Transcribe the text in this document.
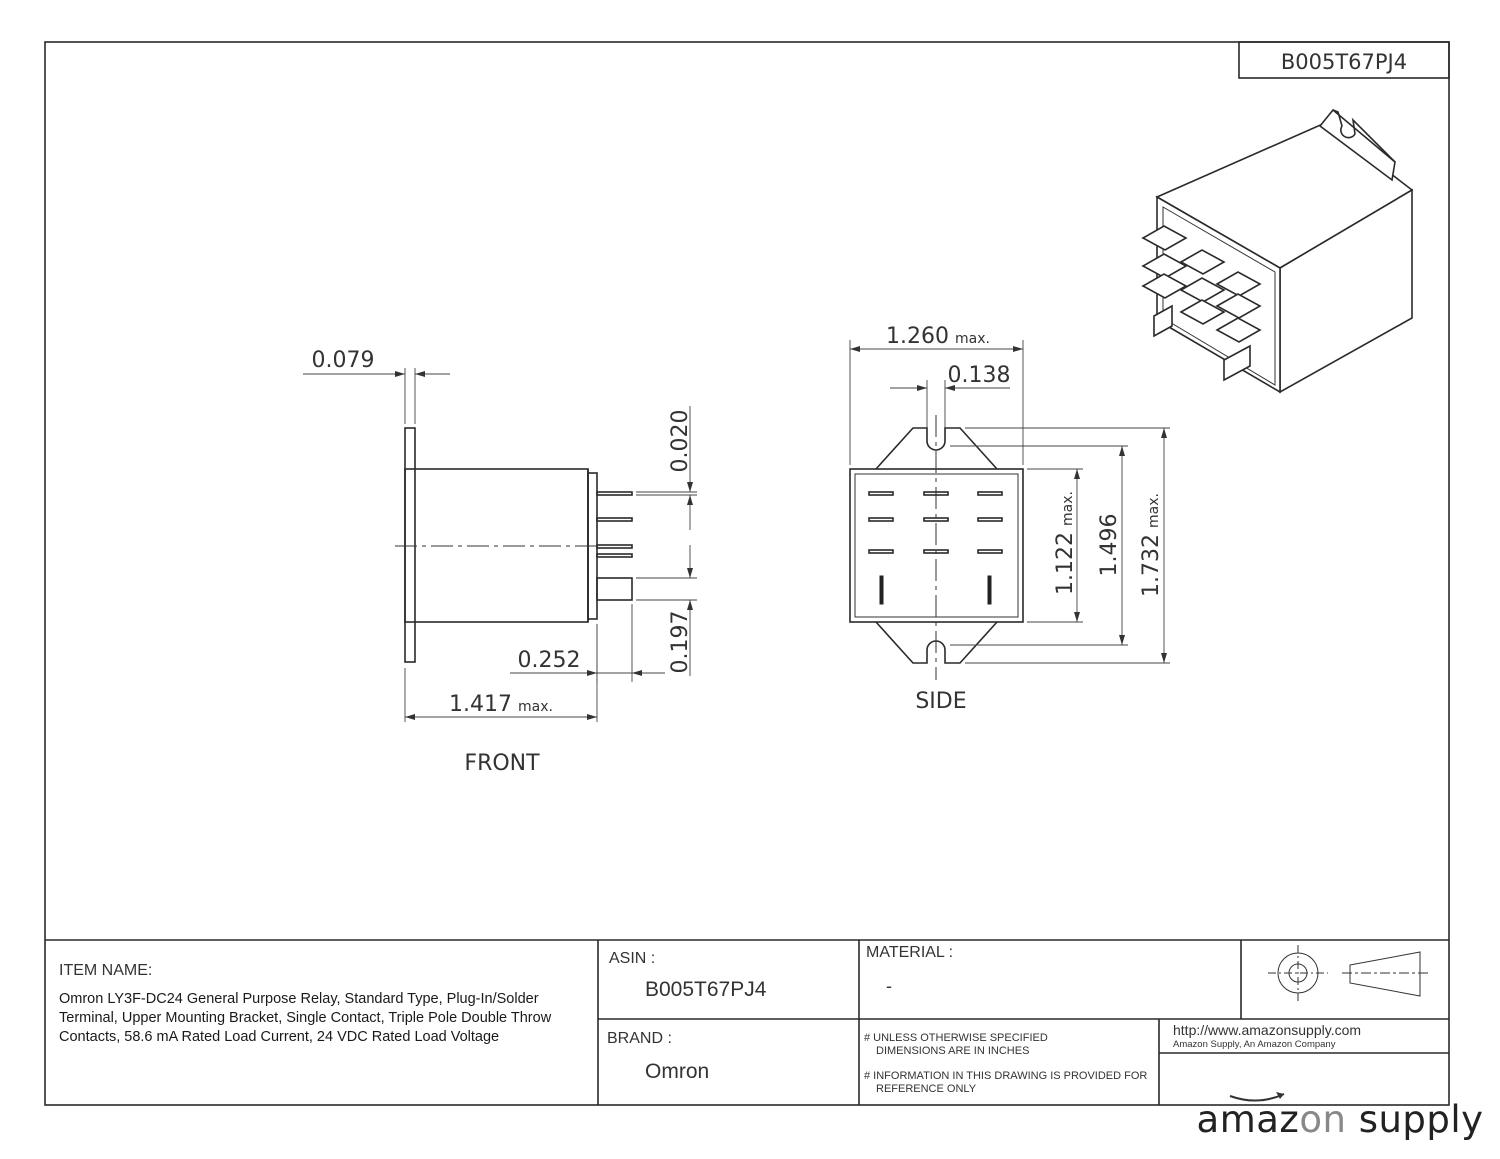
B005T67PJ4
0.079
0.020
0.197
0.252
1.417 max.
FRONT
1.260 max.
0.138
1.122max.
1.496 1.732max.
SIDE
ITEM NAME:
Omron LY3F-DC24 General Purpose Relay, Standard Type, Plug-In/Solder Terminal, Upper Mounting Bracket, Single Contact, Triple Pole Double Throw Contacts, 58.6 mA Rated Load Current, 24 VDC Rated Load Voltage
ASIN :
B005T67PJ4
BRAND :
Omron
MATERIAL :
-
# UNLESS OTHERWISE SPECIFIED
DIMENSIONS ARE IN INCHES
# INFORMATION IN THIS DRAWING IS PROVIDED FOR
REFERENCE ONLY
http://www.amazonsupply.com
Amazon Supply, An Amazon Company

amazon supply
